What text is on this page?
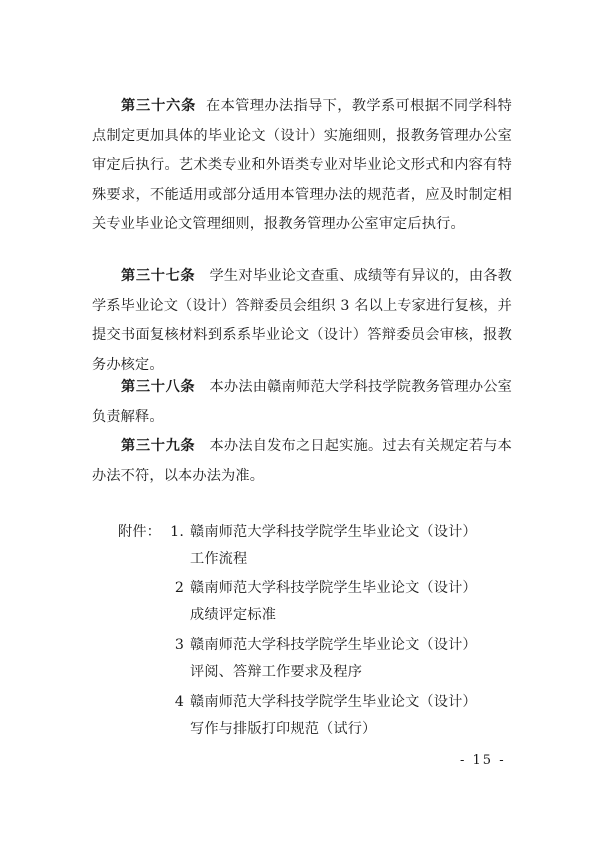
第三十六条 在本管理办法指导下，教学系可根据不同学科特点制定更加具体的毕业论文（设计）实施细则，报教务管理办公室审定后执行。艺术类专业和外语类专业对毕业论文形式和内容有特殊要求，不能适用或部分适用本管理办法的规范者，应及时制定相关专业毕业论文管理细则，报教务管理办公室审定后执行。

第三十七条 学生对毕业论文查重、成绩等有异议的，由各教学系毕业论文（设计）答辩委员会组织 3 名以上专家进行复核，并提交书面复核材料到系系毕业论文（设计）答辩委员会审核，报教务办核定。

第三十八条 本办法由赣南师范大学科技学院教务管理办公室负责解释。

第三十九条 本办法自发布之日起实施。过去有关规定若与本办法不符，以本办法为准。

附件： 1. 赣南师范大学科技学院学生毕业论文（设计）
工作流程
2 赣南师范大学科技学院学生毕业论文（设计）
成绩评定标准
3 赣南师范大学科技学院学生毕业论文（设计）
评阅、答辩工作要求及程序
4 赣南师范大学科技学院学生毕业论文（设计）
写作与排版打印规范（试行）
- 15 -
